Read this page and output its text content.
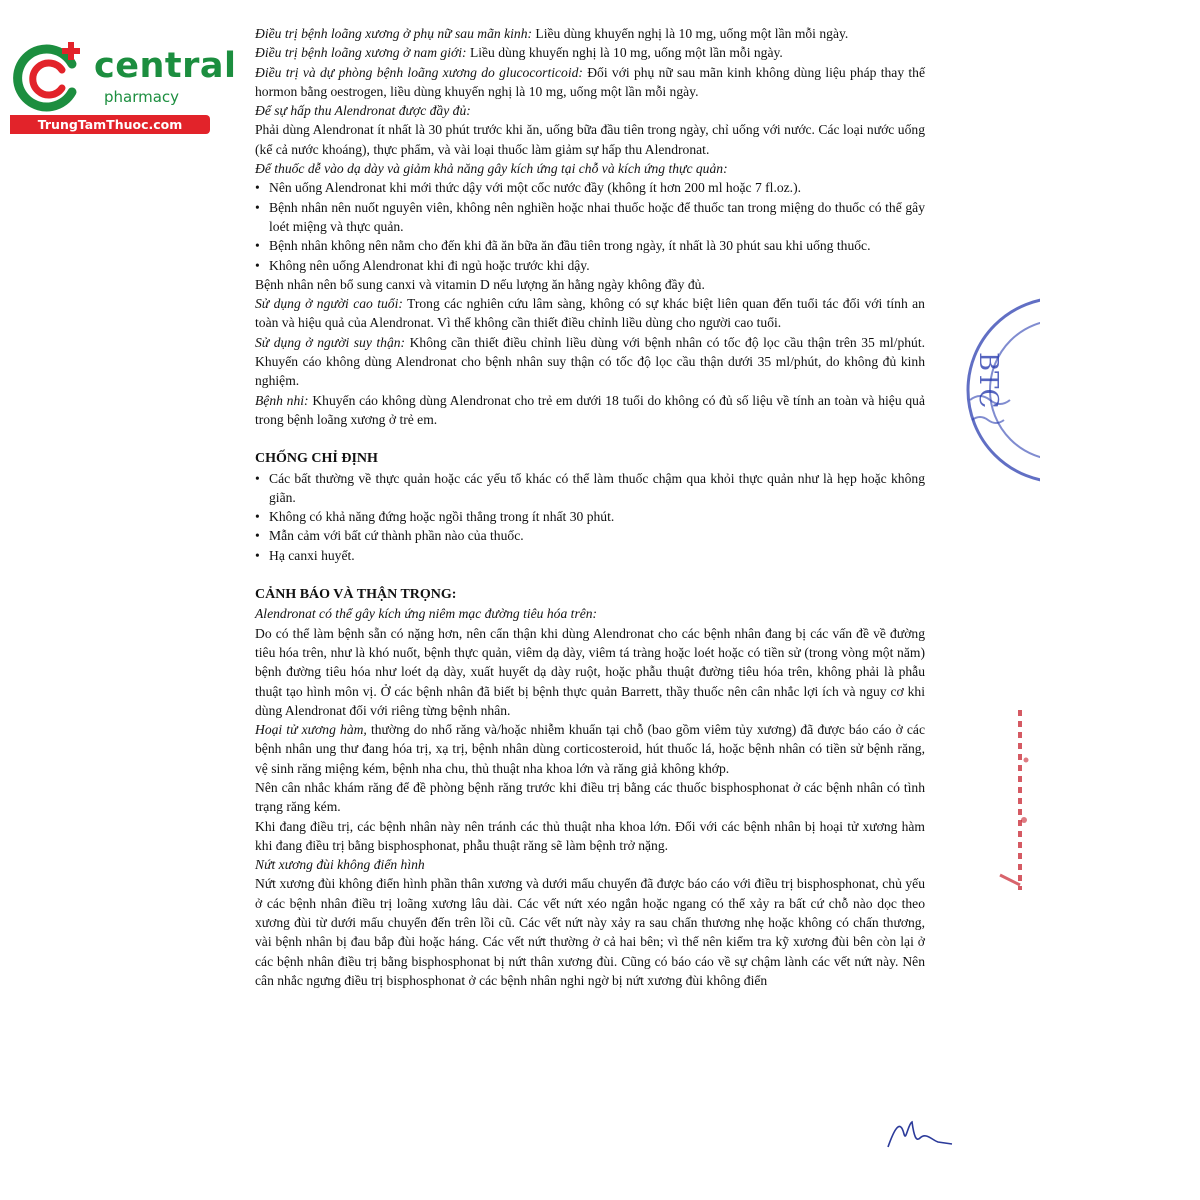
central
pharmacy
TrungTamThuoc.com

Điều trị bệnh loãng xương ở phụ nữ sau mãn kinh: Liều dùng khuyến nghị là 10 mg, uống một lần mỗi ngày.

Điều trị bệnh loãng xương ở nam giới: Liều dùng khuyến nghị là 10 mg, uống một lần mỗi ngày.

Điều trị và dự phòng bệnh loãng xương do glucocorticoid: Đối với phụ nữ sau mãn kinh không dùng liệu pháp thay thế hormon bằng oestrogen, liều dùng khuyến nghị là 10 mg, uống một lần mỗi ngày.

Để sự hấp thu Alendronat được đầy đủ:

Phải dùng Alendronat ít nhất là 30 phút trước khi ăn, uống bữa đầu tiên trong ngày, chỉ uống với nước. Các loại nước uống (kể cả nước khoáng), thực phẩm, và vài loại thuốc làm giảm sự hấp thu Alendronat.

Để thuốc dễ vào dạ dày và giảm khả năng gây kích ứng tại chỗ và kích ứng thực quản:

• Nên uống Alendronat khi mới thức dậy với một cốc nước đầy (không ít hơn 200 ml hoặc 7 fl.oz.).
• Bệnh nhân nên nuốt nguyên viên, không nên nghiền hoặc nhai thuốc hoặc để thuốc tan trong miệng do thuốc có thể gây loét miệng và thực quản.
• Bệnh nhân không nên nằm cho đến khi đã ăn bữa ăn đầu tiên trong ngày, ít nhất là 30 phút sau khi uống thuốc.
• Không nên uống Alendronat khi đi ngủ hoặc trước khi dậy.

Bệnh nhân nên bổ sung canxi và vitamin D nếu lượng ăn hằng ngày không đầy đủ.

Sử dụng ở người cao tuổi: Trong các nghiên cứu lâm sàng, không có sự khác biệt liên quan đến tuổi tác đối với tính an toàn và hiệu quả của Alendronat. Vì thế không cần thiết điều chỉnh liều dùng cho người cao tuổi.

Sử dụng ở người suy thận: Không cần thiết điều chỉnh liều dùng với bệnh nhân có tốc độ lọc cầu thận trên 35 ml/phút. Khuyến cáo không dùng Alendronat cho bệnh nhân suy thận có tốc độ lọc cầu thận dưới 35 ml/phút, do không đủ kinh nghiệm.

Bệnh nhi: Khuyến cáo không dùng Alendronat cho trẻ em dưới 18 tuổi do không có đủ số liệu về tính an toàn và hiệu quả trong bệnh loãng xương ở trẻ em.

CHỐNG CHỈ ĐỊNH
• Các bất thường về thực quản hoặc các yếu tố khác có thể làm thuốc chậm qua khỏi thực quản như là hẹp hoặc không giãn.
• Không có khả năng đứng hoặc ngồi thẳng trong ít nhất 30 phút.
• Mẫn cảm với bất cứ thành phần nào của thuốc.
• Hạ canxi huyết.
CẢNH BÁO VÀ THẬN TRỌNG:

Alendronat có thể gây kích ứng niêm mạc đường tiêu hóa trên:

Do có thể làm bệnh sẵn có nặng hơn, nên cẩn thận khi dùng Alendronat cho các bệnh nhân đang bị các vấn đề về đường tiêu hóa trên, như là khó nuốt, bệnh thực quản, viêm dạ dày, viêm tá tràng hoặc loét hoặc có tiền sử (trong vòng một năm) bệnh đường tiêu hóa như loét dạ dày, xuất huyết dạ dày ruột, hoặc phẫu thuật đường tiêu hóa trên, không phải là phẫu thuật tạo hình môn vị. Ở các bệnh nhân đã biết bị bệnh thực quản Barrett, thầy thuốc nên cân nhắc lợi ích và nguy cơ khi dùng Alendronat đối với riêng từng bệnh nhân.

Hoại tử xương hàm, thường do nhổ răng và/hoặc nhiễm khuẩn tại chỗ (bao gồm viêm tủy xương) đã được báo cáo ở các bệnh nhân ung thư đang hóa trị, xạ trị, bệnh nhân dùng corticosteroid, hút thuốc lá, hoặc bệnh nhân có tiền sử bệnh răng, vệ sinh răng miệng kém, bệnh nha chu, thủ thuật nha khoa lớn và răng giả không khớp.

Nên cân nhắc khám răng để đề phòng bệnh răng trước khi điều trị bằng các thuốc bisphosphonat ở các bệnh nhân có tình trạng răng kém.

Khi đang điều trị, các bệnh nhân này nên tránh các thủ thuật nha khoa lớn. Đối với các bệnh nhân bị hoại tử xương hàm khi đang điều trị bằng bisphosphonat, phẫu thuật răng sẽ làm bệnh trở nặng.

Nứt xương đùi không điển hình

Nứt xương đùi không điển hình phần thân xương và dưới mấu chuyển đã được báo cáo với điều trị bisphosphonat, chủ yếu ở các bệnh nhân điều trị loãng xương lâu dài. Các vết nứt xéo ngắn hoặc ngang có thể xảy ra bất cứ chỗ nào dọc theo xương đùi từ dưới mấu chuyển đến trên lồi cũ. Các vết nứt này xảy ra sau chấn thương nhẹ hoặc không có chấn thương, vài bệnh nhân bị đau bắp đùi hoặc háng. Các vết nứt thường ở cả hai bên; vì thế nên kiểm tra kỹ xương đùi bên còn lại ở các bệnh nhân điều trị bằng bisphosphonat bị nứt thân xương đùi. Cũng có báo cáo về sự chậm lành các vết nứt này. Nên cân nhắc ngưng điều trị bisphosphonat ở các bệnh nhân nghi ngờ bị nứt xương đùi không điển

BTC
